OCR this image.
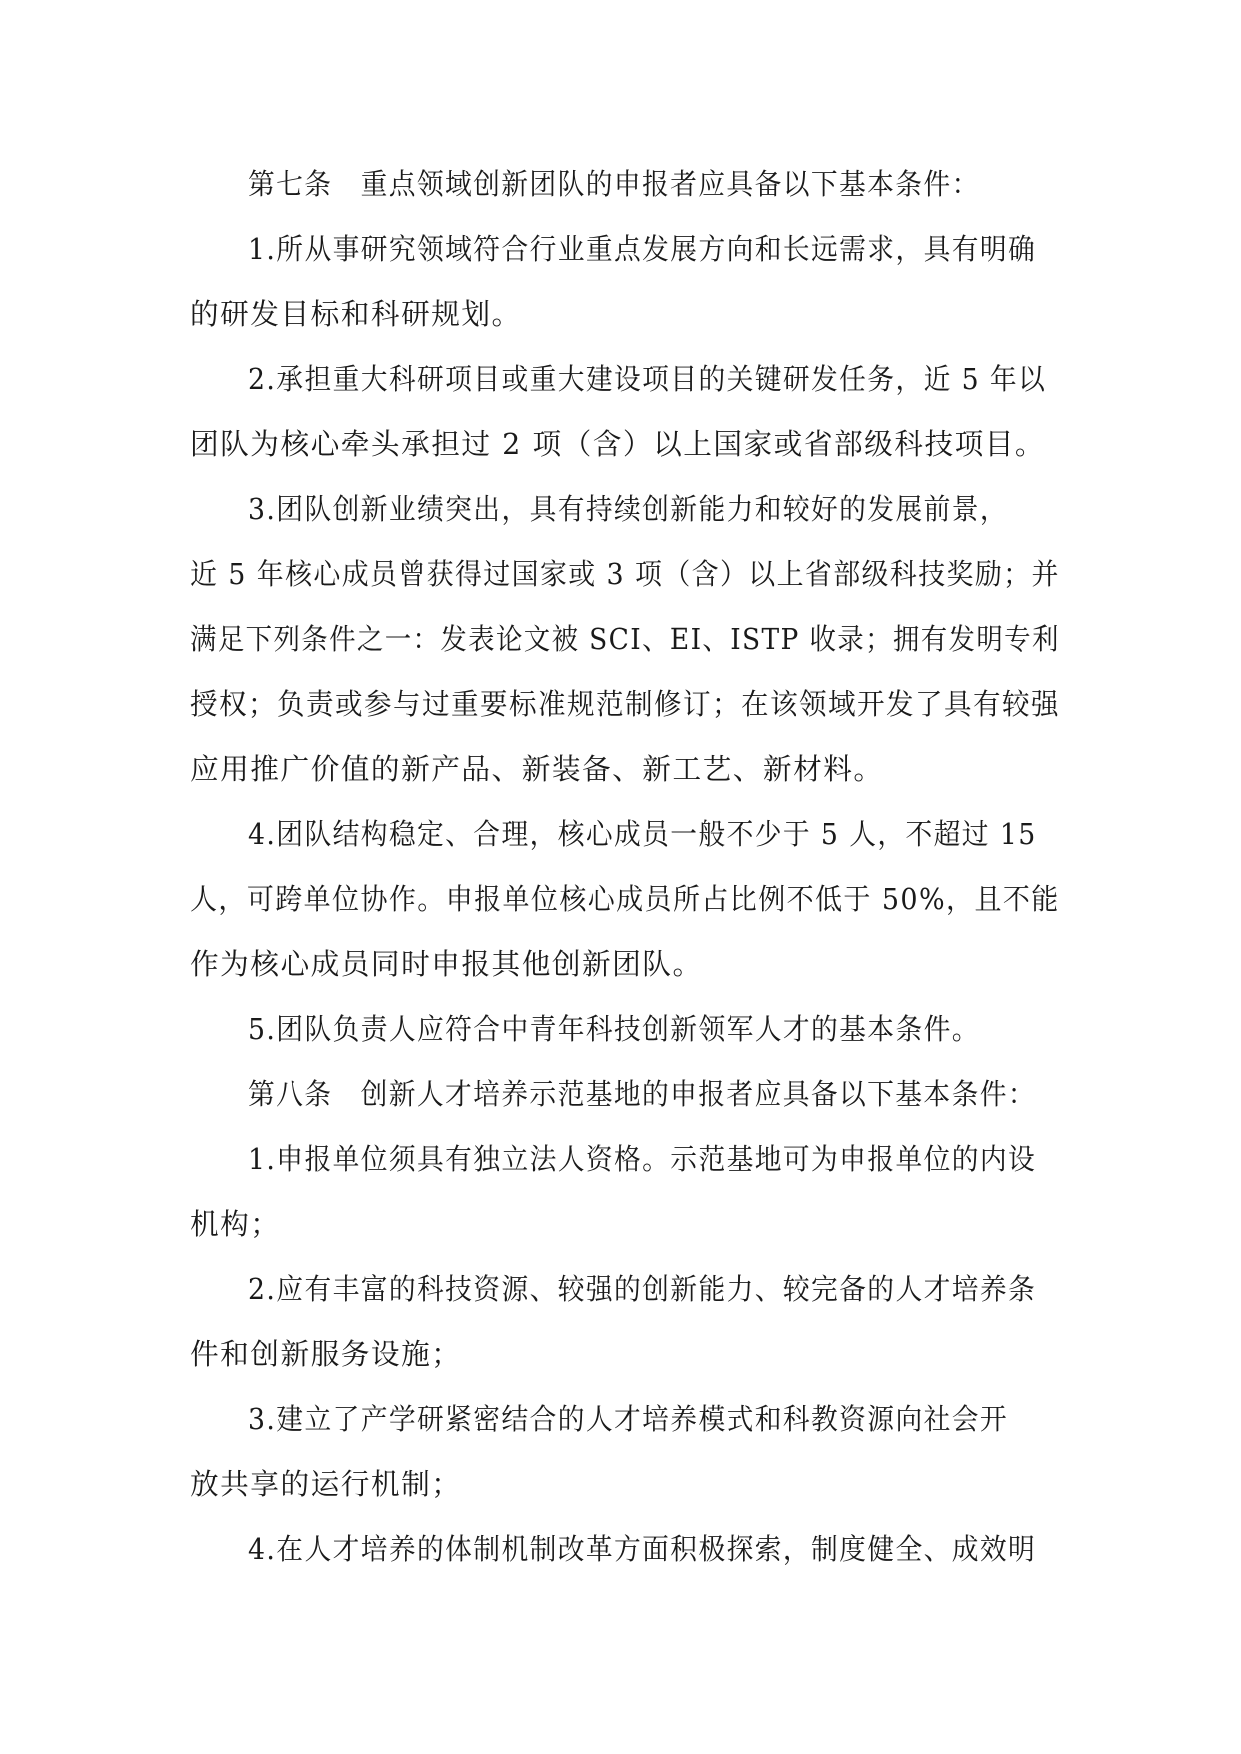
第七条　重点领域创新团队的申报者应具备以下基本条件：
1.所从事研究领域符合行业重点发展方向和长远需求，具有明确
的研发目标和科研规划。
2.承担重大科研项目或重大建设项目的关键研发任务，近 5 年以
团队为核心牵头承担过 2 项（含）以上国家或省部级科技项目。
3.团队创新业绩突出，具有持续创新能力和较好的发展前景，
近 5 年核心成员曾获得过国家或 3 项（含）以上省部级科技奖励；并
满足下列条件之一：发表论文被 SCI、EI、ISTP 收录；拥有发明专利
授权；负责或参与过重要标准规范制修订；在该领域开发了具有较强
应用推广价值的新产品、新装备、新工艺、新材料。
4.团队结构稳定、合理，核心成员一般不少于 5 人，不超过 15
人，可跨单位协作。申报单位核心成员所占比例不低于 50%，且不能
作为核心成员同时申报其他创新团队。
5.团队负责人应符合中青年科技创新领军人才的基本条件。
第八条　创新人才培养示范基地的申报者应具备以下基本条件：
1.申报单位须具有独立法人资格。示范基地可为申报单位的内设
机构；
2.应有丰富的科技资源、较强的创新能力、较完备的人才培养条
件和创新服务设施；
3.建立了产学研紧密结合的人才培养模式和科教资源向社会开
放共享的运行机制；
4.在人才培养的体制机制改革方面积极探索，制度健全、成效明
